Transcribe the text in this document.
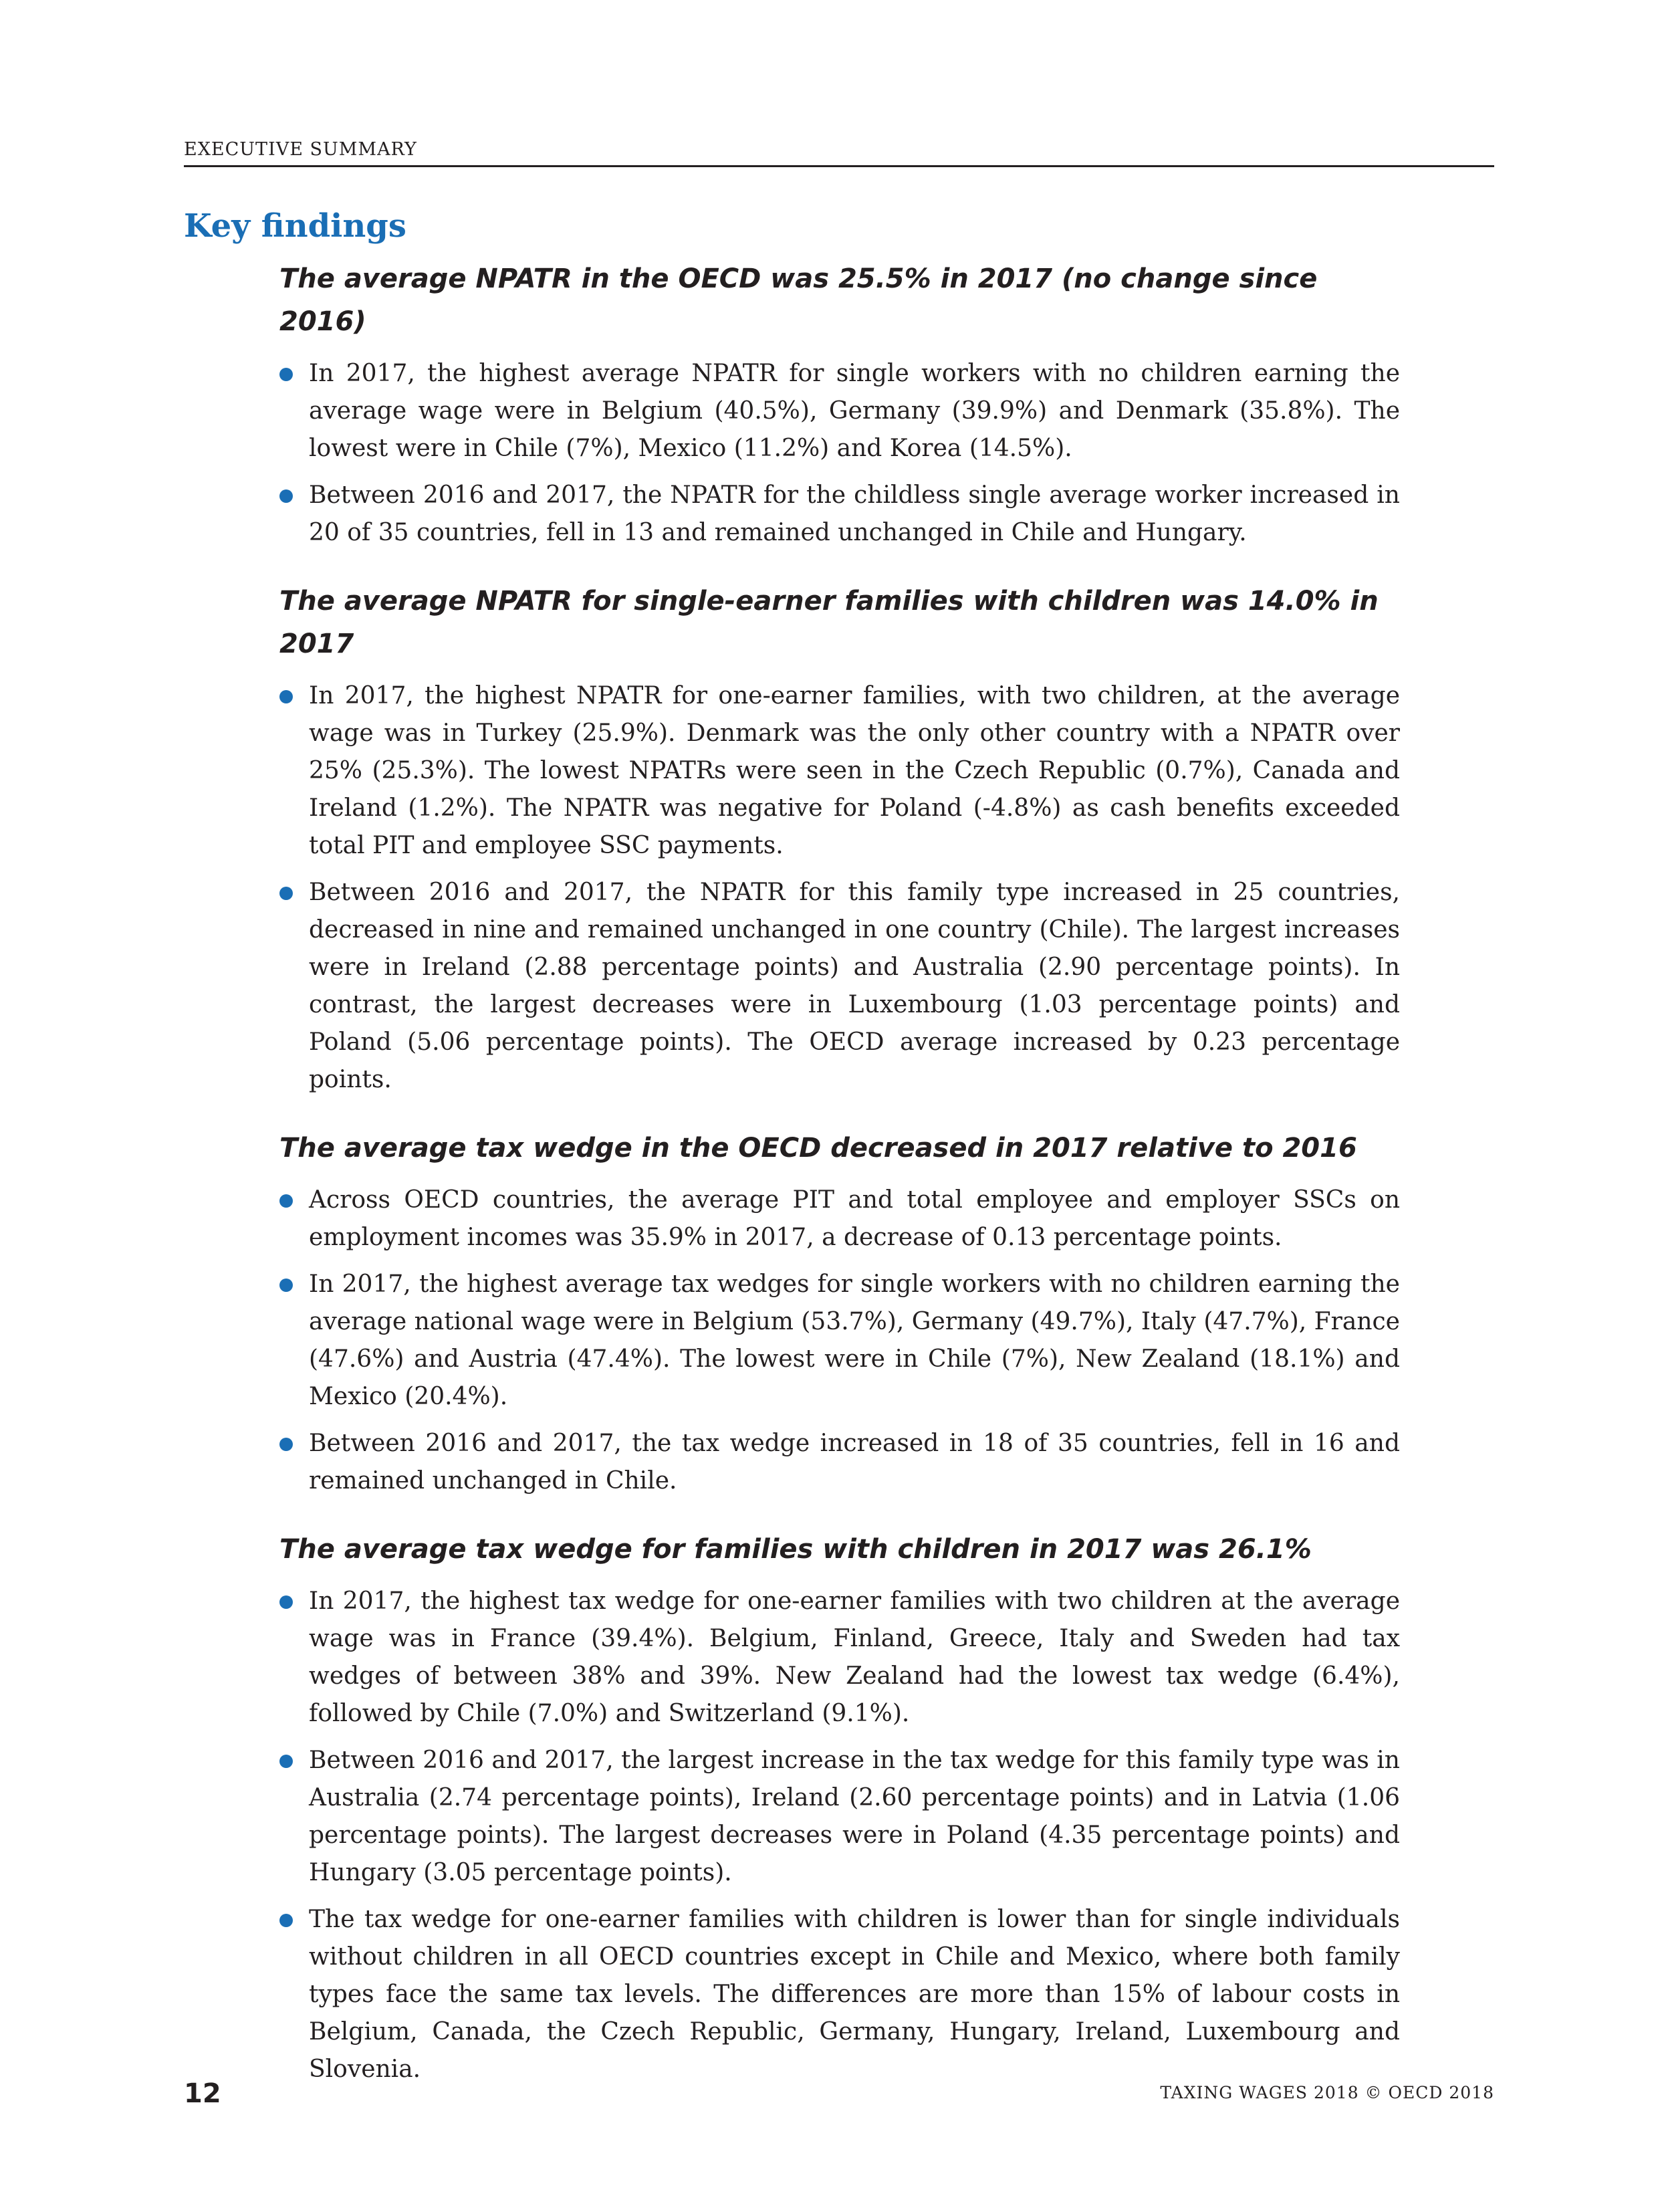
EXECUTIVE SUMMARY
Key findings
The average NPATR in the OECD was 25.5% in 2017 (no change since 2016)
In 2017, the highest average NPATR for single workers with no children earning the average wage were in Belgium (40.5%), Germany (39.9%) and Denmark (35.8%). The lowest were in Chile (7%), Mexico (11.2%) and Korea (14.5%).
Between 2016 and 2017, the NPATR for the childless single average worker increased in 20 of 35 countries, fell in 13 and remained unchanged in Chile and Hungary.
The average NPATR for single-earner families with children was 14.0% in 2017
In 2017, the highest NPATR for one-earner families, with two children, at the average wage was in Turkey (25.9%). Denmark was the only other country with a NPATR over 25% (25.3%). The lowest NPATRs were seen in the Czech Republic (0.7%), Canada and Ireland (1.2%). The NPATR was negative for Poland (-4.8%) as cash benefits exceeded total PIT and employee SSC payments.
Between 2016 and 2017, the NPATR for this family type increased in 25 countries, decreased in nine and remained unchanged in one country (Chile). The largest increases were in Ireland (2.88 percentage points) and Australia (2.90 percentage points). In contrast, the largest decreases were in Luxembourg (1.03 percentage points) and Poland (5.06 percentage points). The OECD average increased by 0.23 percentage points.
The average tax wedge in the OECD decreased in 2017 relative to 2016
Across OECD countries, the average PIT and total employee and employer SSCs on employment incomes was 35.9% in 2017, a decrease of 0.13 percentage points.
In 2017, the highest average tax wedges for single workers with no children earning the average national wage were in Belgium (53.7%), Germany (49.7%), Italy (47.7%), France (47.6%) and Austria (47.4%). The lowest were in Chile (7%), New Zealand (18.1%) and Mexico (20.4%).
Between 2016 and 2017, the tax wedge increased in 18 of 35 countries, fell in 16 and remained unchanged in Chile.
The average tax wedge for families with children in 2017 was 26.1%
In 2017, the highest tax wedge for one-earner families with two children at the average wage was in France (39.4%). Belgium, Finland, Greece, Italy and Sweden had tax wedges of between 38% and 39%. New Zealand had the lowest tax wedge (6.4%), followed by Chile (7.0%) and Switzerland (9.1%).
Between 2016 and 2017, the largest increase in the tax wedge for this family type was in Australia (2.74 percentage points), Ireland (2.60 percentage points) and in Latvia (1.06 percentage points). The largest decreases were in Poland (4.35 percentage points) and Hungary (3.05 percentage points).
The tax wedge for one-earner families with children is lower than for single individuals without children in all OECD countries except in Chile and Mexico, where both family types face the same tax levels. The differences are more than 15% of labour costs in Belgium, Canada, the Czech Republic, Germany, Hungary, Ireland, Luxembourg and Slovenia.
12	TAXING WAGES 2018 © OECD 2018
